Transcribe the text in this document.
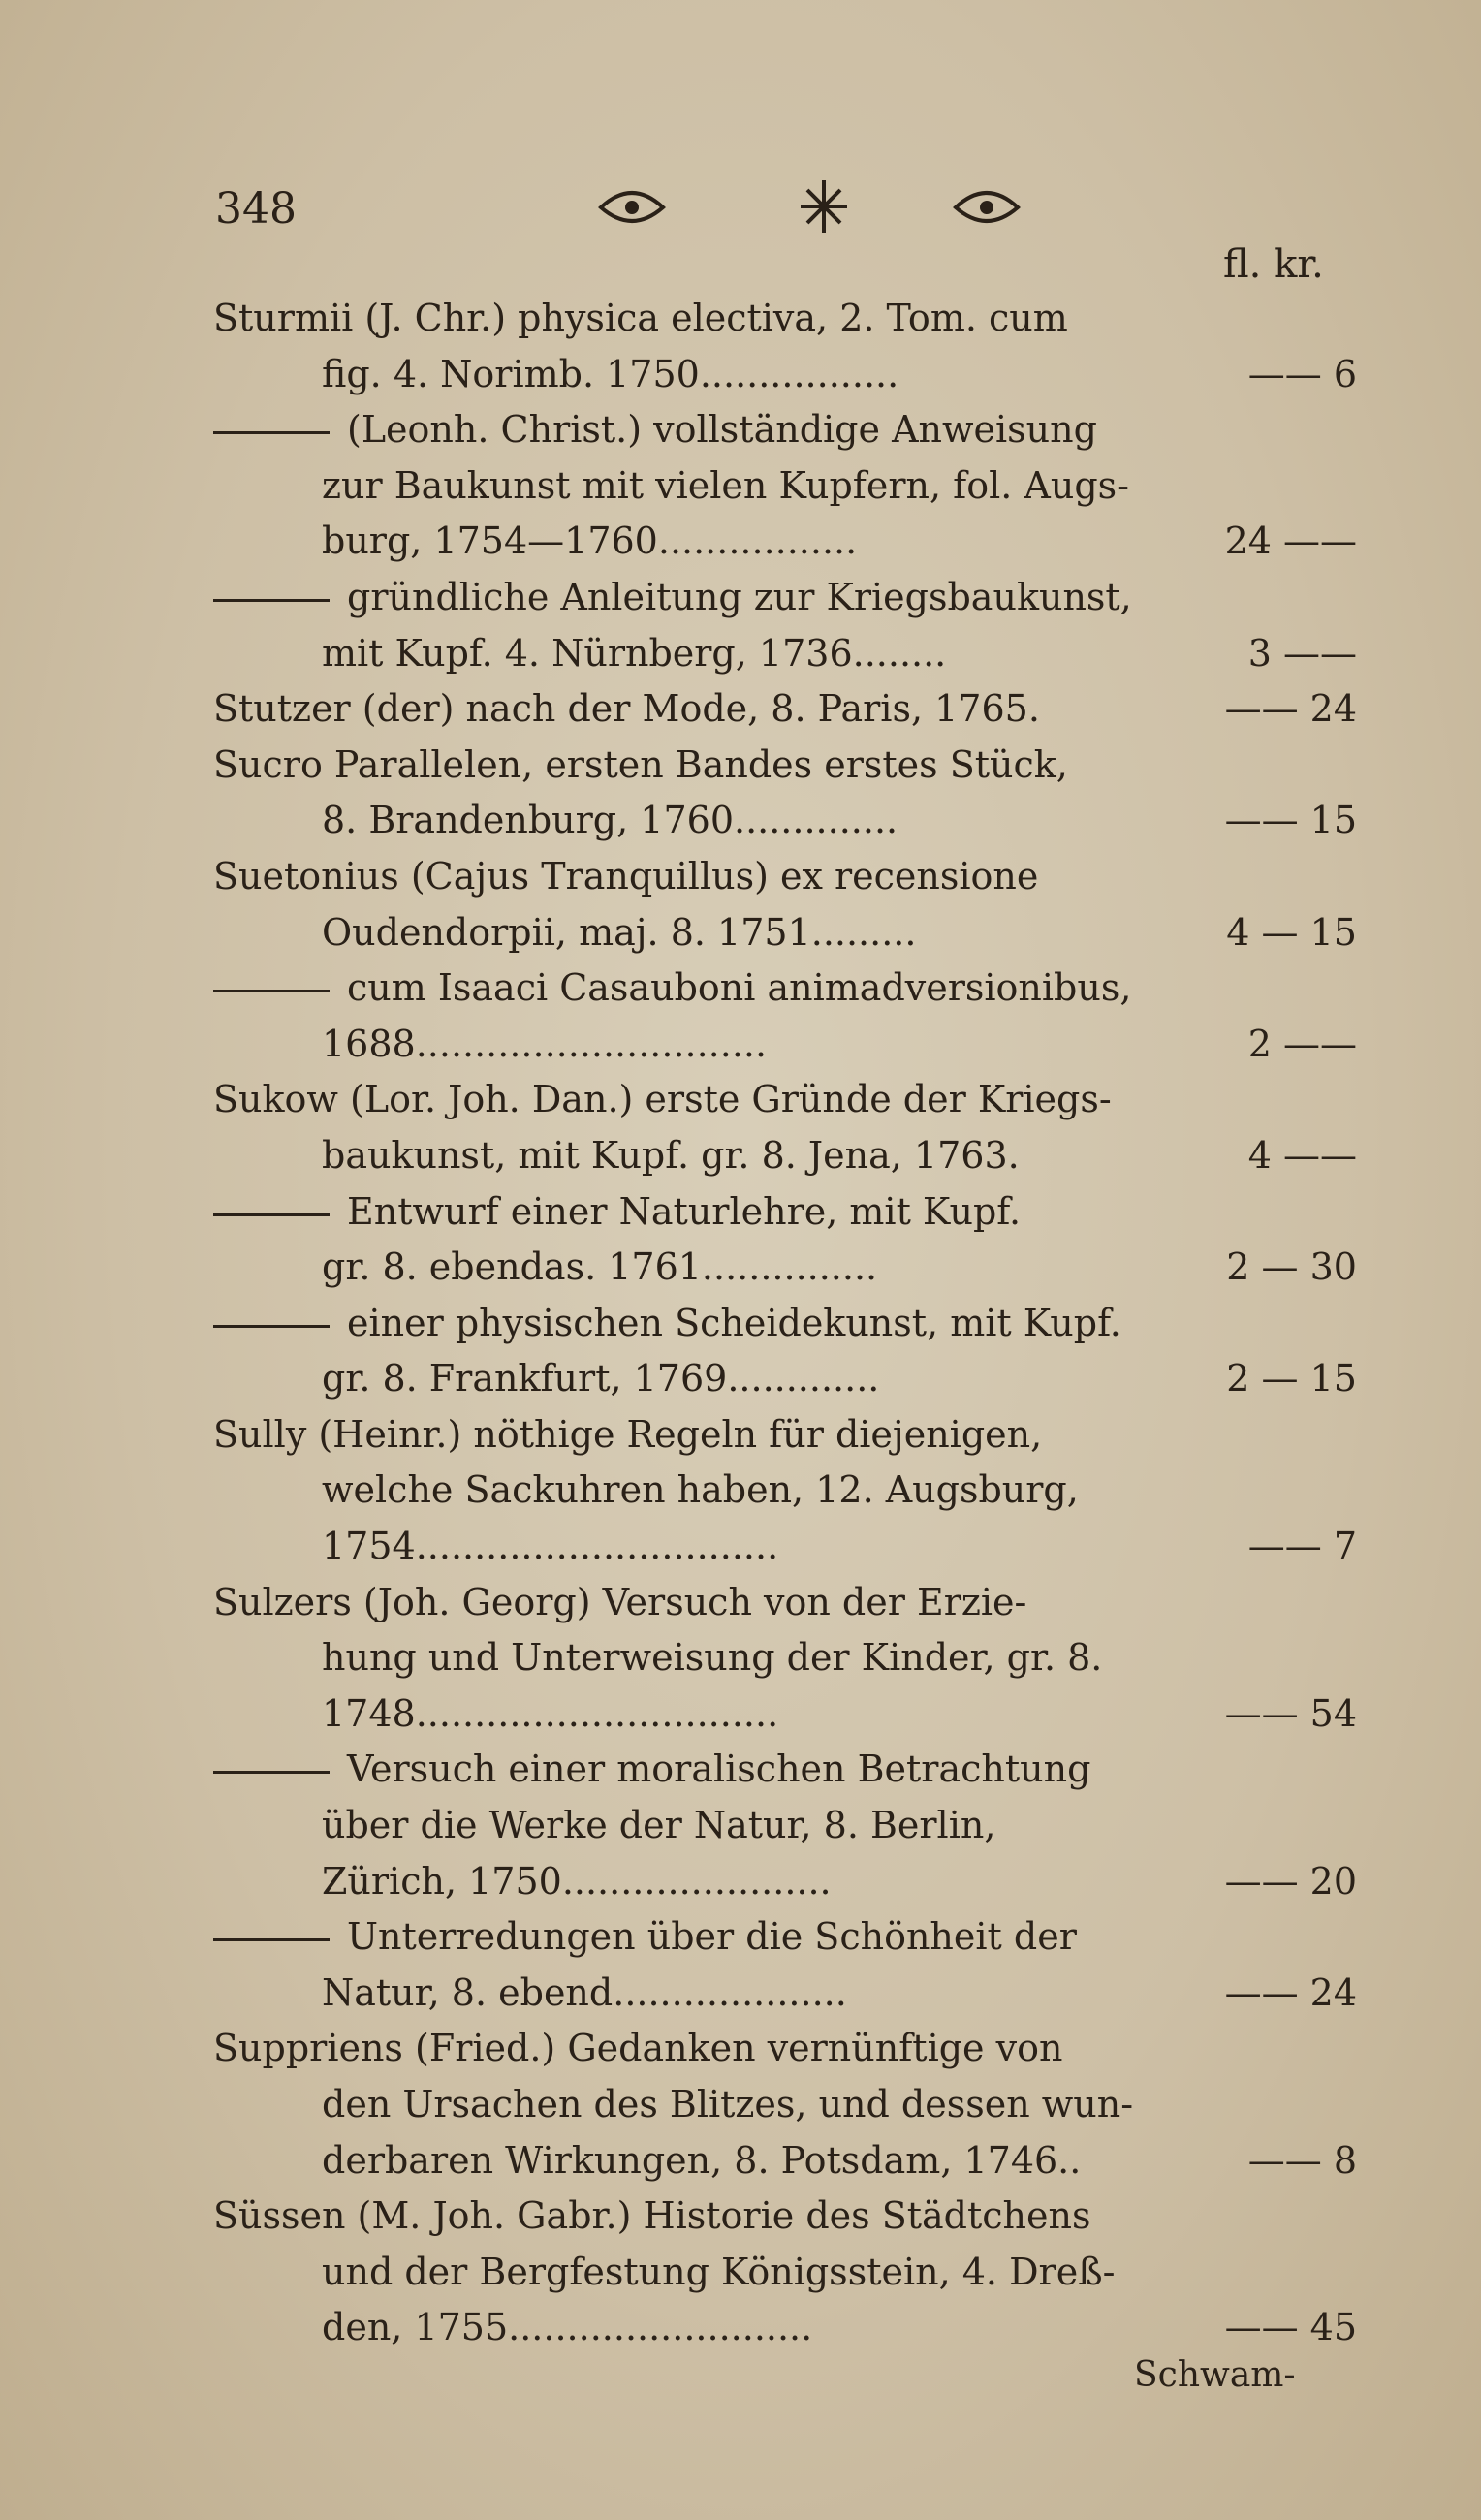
348
fl. kr.
Sturmii (J. Chr.) physica electiva, 2. Tom. cum
fig. 4. Norimb. 1750.................	—— 6
(Leonh. Christ.) vollständige Anweisung
zur Baukunst mit vielen Kupfern, fol. Augs-
burg, 1754—1760.................	24 ——
gründliche Anleitung zur Kriegsbaukunst,
mit Kupf. 4. Nürnberg, 1736........	3 ——
Stutzer (der) nach der Mode, 8. Paris, 1765.	—— 24
Sucro Parallelen, ersten Bandes erstes Stück,
8. Brandenburg, 1760..............	—— 15
Suetonius (Cajus Tranquillus) ex recensione
Oudendorpii, maj. 8. 1751.........	4 — 15
cum Isaaci Casauboni animadversionibus,
1688..............................	2 ——
Sukow (Lor. Joh. Dan.) erste Gründe der Kriegs-
baukunst, mit Kupf. gr. 8. Jena, 1763.	4 ——
Entwurf einer Naturlehre, mit Kupf.
gr. 8. ebendas. 1761...............	2 — 30
einer physischen Scheidekunst, mit Kupf.
gr. 8. Frankfurt, 1769.............	2 — 15
Sully (Heinr.) nöthige Regeln für diejenigen,
welche Sackuhren haben, 12. Augsburg,
1754...............................	—— 7
Sulzers (Joh. Georg) Versuch von der Erzie-
hung und Unterweisung der Kinder, gr. 8.
1748...............................	—— 54
Versuch einer moralischen Betrachtung
über die Werke der Natur, 8. Berlin,
Zürich, 1750.......................	—— 20
Unterredungen über die Schönheit der
Natur, 8. ebend....................	—— 24
Suppriens (Fried.) Gedanken vernünftige von
den Ursachen des Blitzes, und dessen wun-
derbaren Wirkungen, 8. Potsdam, 1746..	—— 8
Süssen (M. Joh. Gabr.) Historie des Städtchens
und der Bergfestung Königsstein, 4. Dreß-
den, 1755..........................	—— 45
Schwam-
